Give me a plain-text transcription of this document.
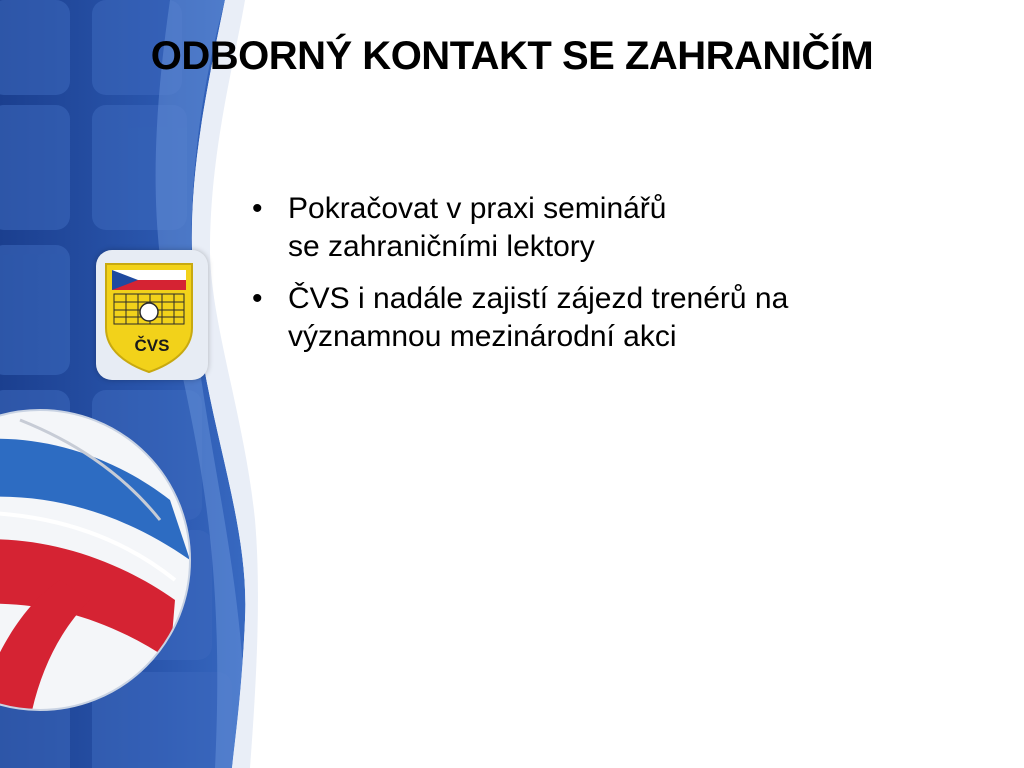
ČVS
ODBORNÝ KONTAKT SE ZAHRANIČÍM
• Pokračovat v praxi seminářů
se zahraničními lektory
• ČVS i nadále zajistí zájezd trenérů na
významnou mezinárodní akci
